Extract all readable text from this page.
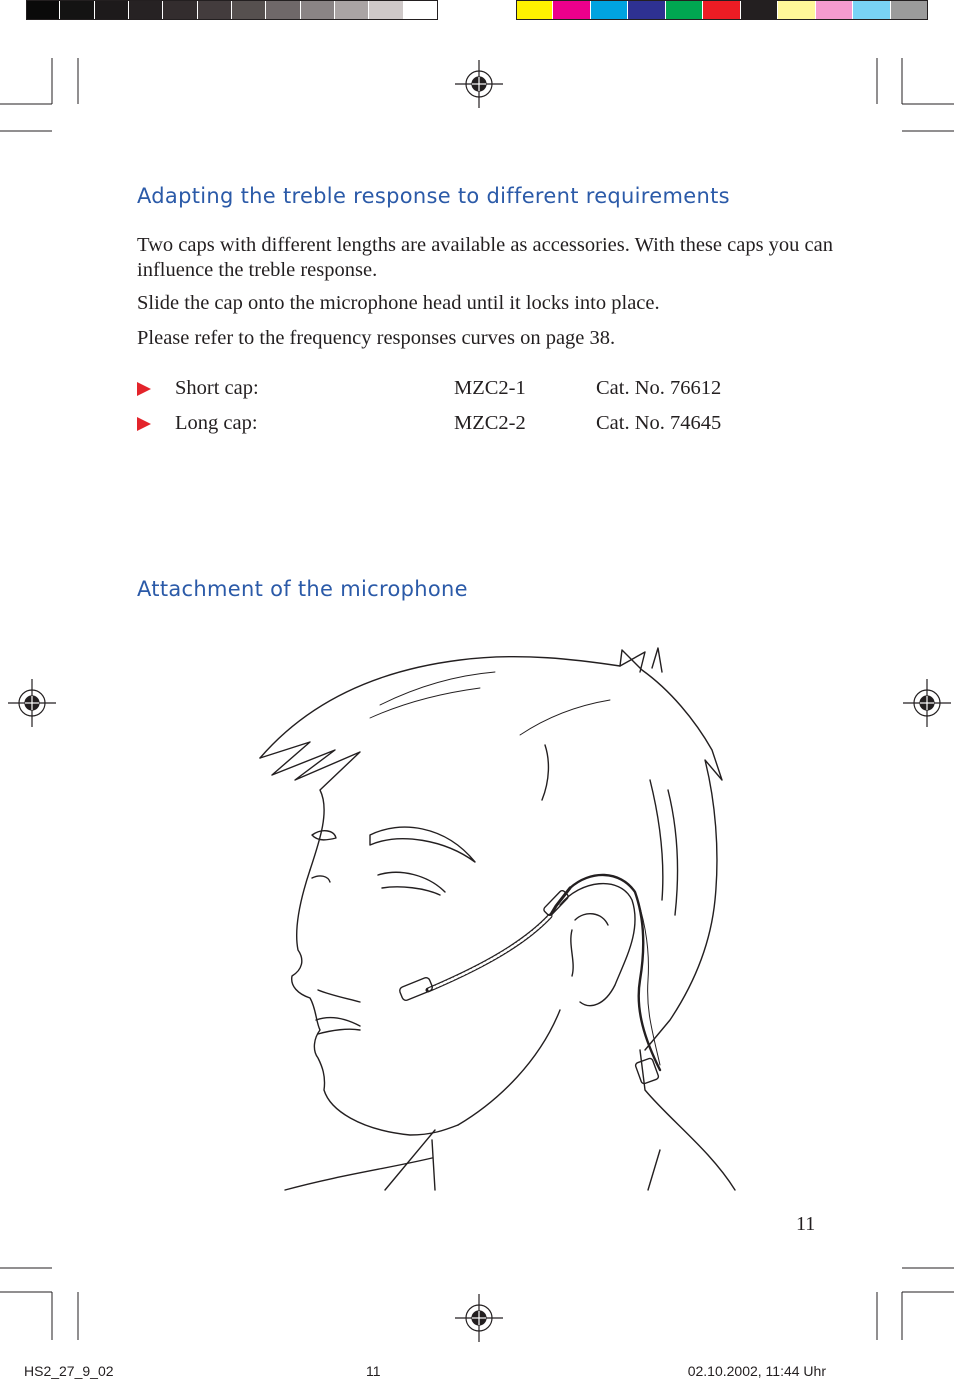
Adapting the treble response to different requirements

Two caps with different lengths are available as accessories. With these caps you can influence the treble response.

Slide the cap onto the microphone head until it locks into place.

Please refer to the frequency responses curves on page 38.

Short cap:	MZC2-1	Cat. No. 76612
Long cap:	MZC2-2	Cat. No. 74645
Attachment of the microphone
11
HS2_27_9_02	11	02.10.2002, 11:44 Uhr
